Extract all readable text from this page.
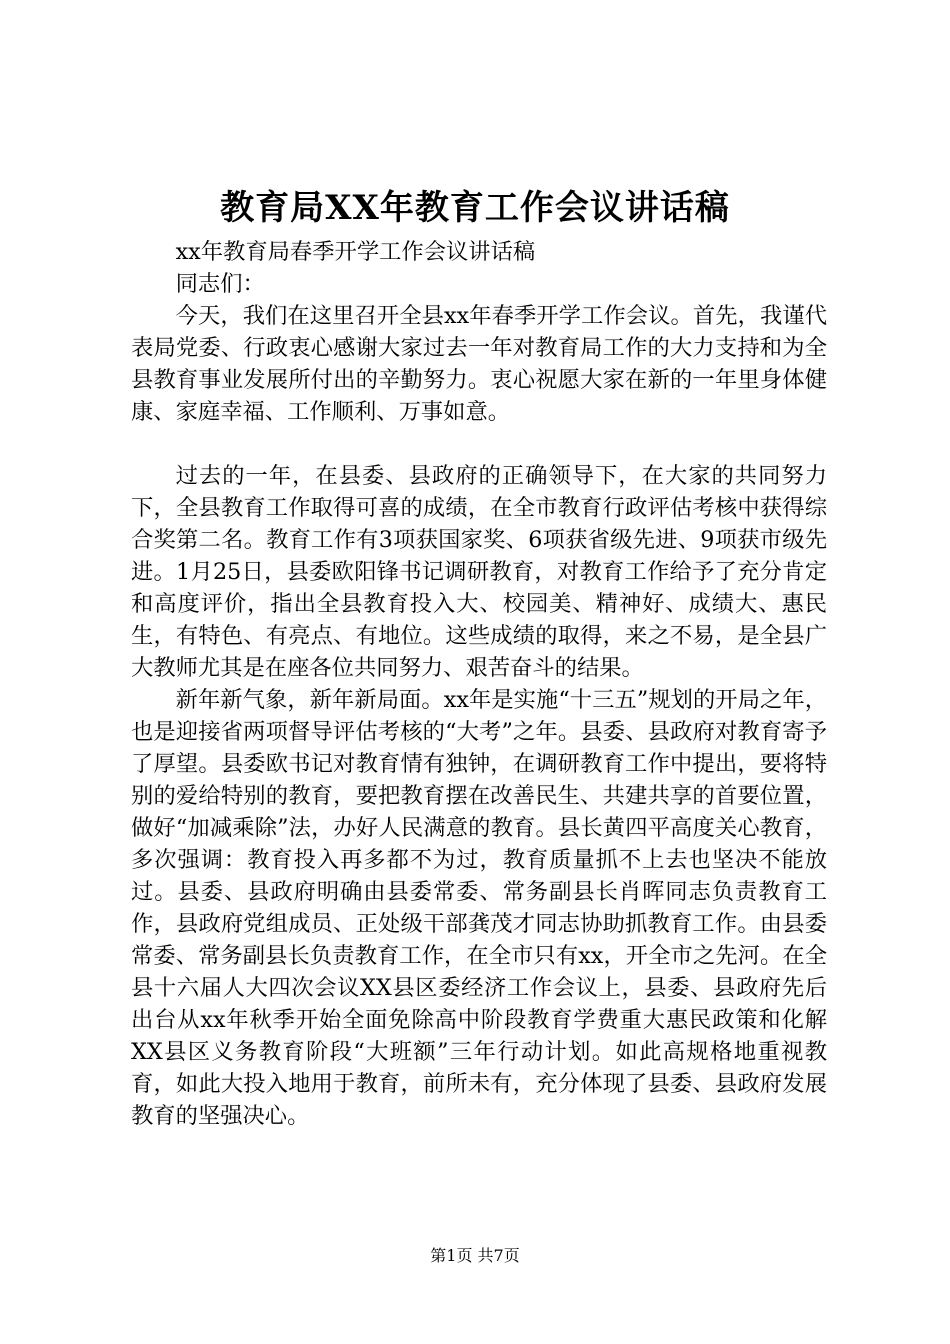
教育局XX年教育工作会议讲话稿

xx年教育局春季开学工作会议讲话稿

同志们：

今天，我们在这里召开全县xx年春季开学工作会议。首先，我谨代表局党委、行政衷心感谢大家过去一年对教育局工作的大力支持和为全县教育事业发展所付出的辛勤努力。衷心祝愿大家在新的一年里身体健康、家庭幸福、工作顺利、万事如意。

过去的一年，在县委、县政府的正确领导下，在大家的共同努力下，全县教育工作取得可喜的成绩，在全市教育行政评估考核中获得综合奖第二名。教育工作有3项获国家奖、6项获省级先进、9项获市级先进。1月25日，县委欧阳锋书记调研教育，对教育工作给予了充分肯定和高度评价，指出全县教育投入大、校园美、精神好、成绩大、惠民生，有特色、有亮点、有地位。这些成绩的取得，来之不易，是全县广大教师尤其是在座各位共同努力、艰苦奋斗的结果。

新年新气象，新年新局面。xx年是实施“十三五”规划的开局之年，也是迎接省两项督导评估考核的“大考”之年。县委、县政府对教育寄予了厚望。县委欧书记对教育情有独钟，在调研教育工作中提出，要将特别的爱给特别的教育，要把教育摆在改善民生、共建共享的首要位置，做好“加减乘除”法，办好人民满意的教育。县长黄四平高度关心教育，多次强调：教育投入再多都不为过，教育质量抓不上去也坚决不能放过。县委、县政府明确由县委常委、常务副县长肖晖同志负责教育工作，县政府党组成员、正处级干部龚茂才同志协助抓教育工作。由县委常委、常务副县长负责教育工作，在全市只有xx，开全市之先河。在全县十六届人大四次会议XX县区委经济工作会议上，县委、县政府先后出台从xx年秋季开始全面免除高中阶段教育学费重大惠民政策和化解XX县区义务教育阶段“大班额”三年行动计划。如此高规格地重视教育，如此大投入地用于教育，前所未有，充分体现了县委、县政府发展教育的坚强决心。

第1页 共7页
